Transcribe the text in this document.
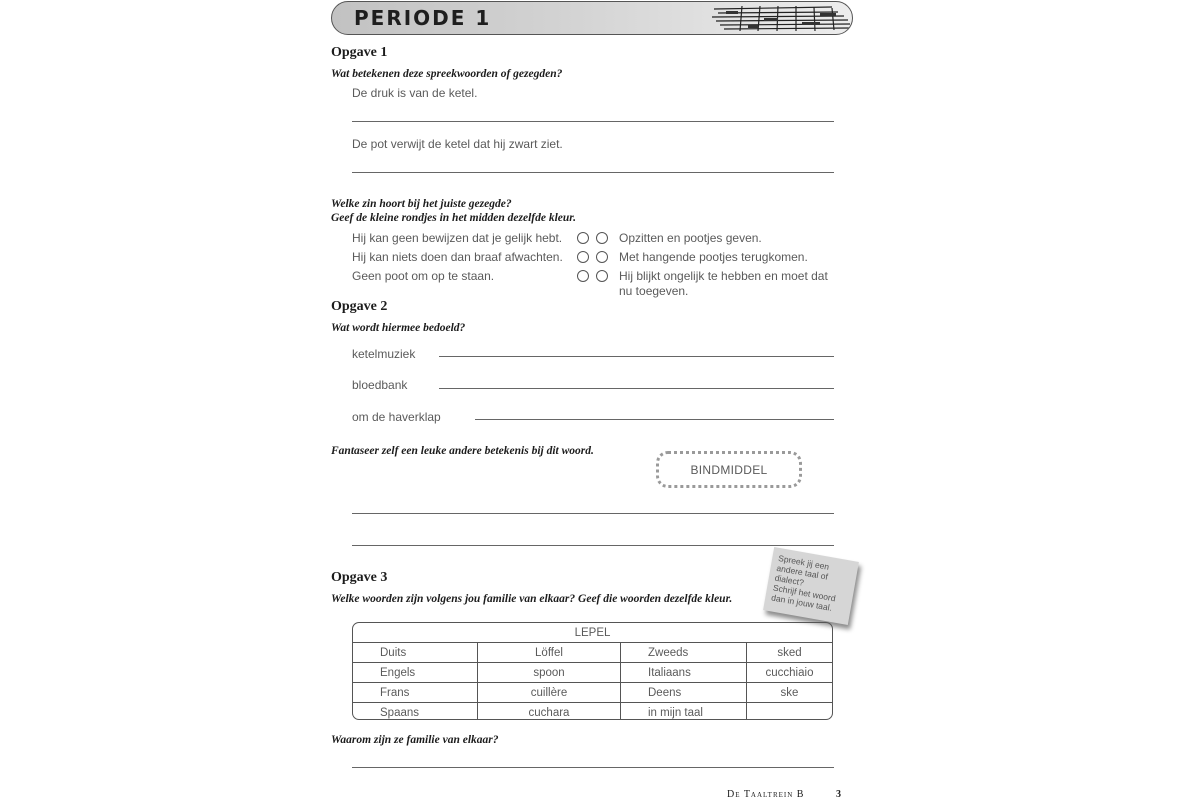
PERIODE 1
Opgave 1
Wat betekenen deze spreekwoorden of gezegden?
De druk is van de ketel.
De pot verwijt de ketel dat hij zwart ziet.
Welke zin hoort bij het juiste gezegde?
Geef de kleine rondjes in het midden dezelfde kleur.
Hij kan geen bewijzen dat je gelijk hebt.
Hij kan niets doen dan braaf afwachten.
Geen poot om op te staan.
Opzitten en pootjes geven.
Met hangende pootjes terugkomen.
Hij blijkt ongelijk te hebben en moet dat
nu toegeven.
Opgave 2
Wat wordt hiermee bedoeld?
ketelmuziek
bloedbank
om de haverklap
Fantaseer zelf een leuke andere betekenis bij dit woord.
BINDMIDDEL
Opgave 3
Welke woorden zijn volgens jou familie van elkaar? Geef die woorden dezelfde kleur.
Spreek jij een
andere taal of
dialect?
Schrijf het woord
dan in jouw taal.
LEPEL			
Duits	Löffel	Zweeds	sked
Engels	spoon	Italiaans	cucchiaio
Frans	cuillère	Deens	ske
Spaans	cuchara	in mijn taal	
Waarom zijn ze familie van elkaar?
De Taaltrein B	3
